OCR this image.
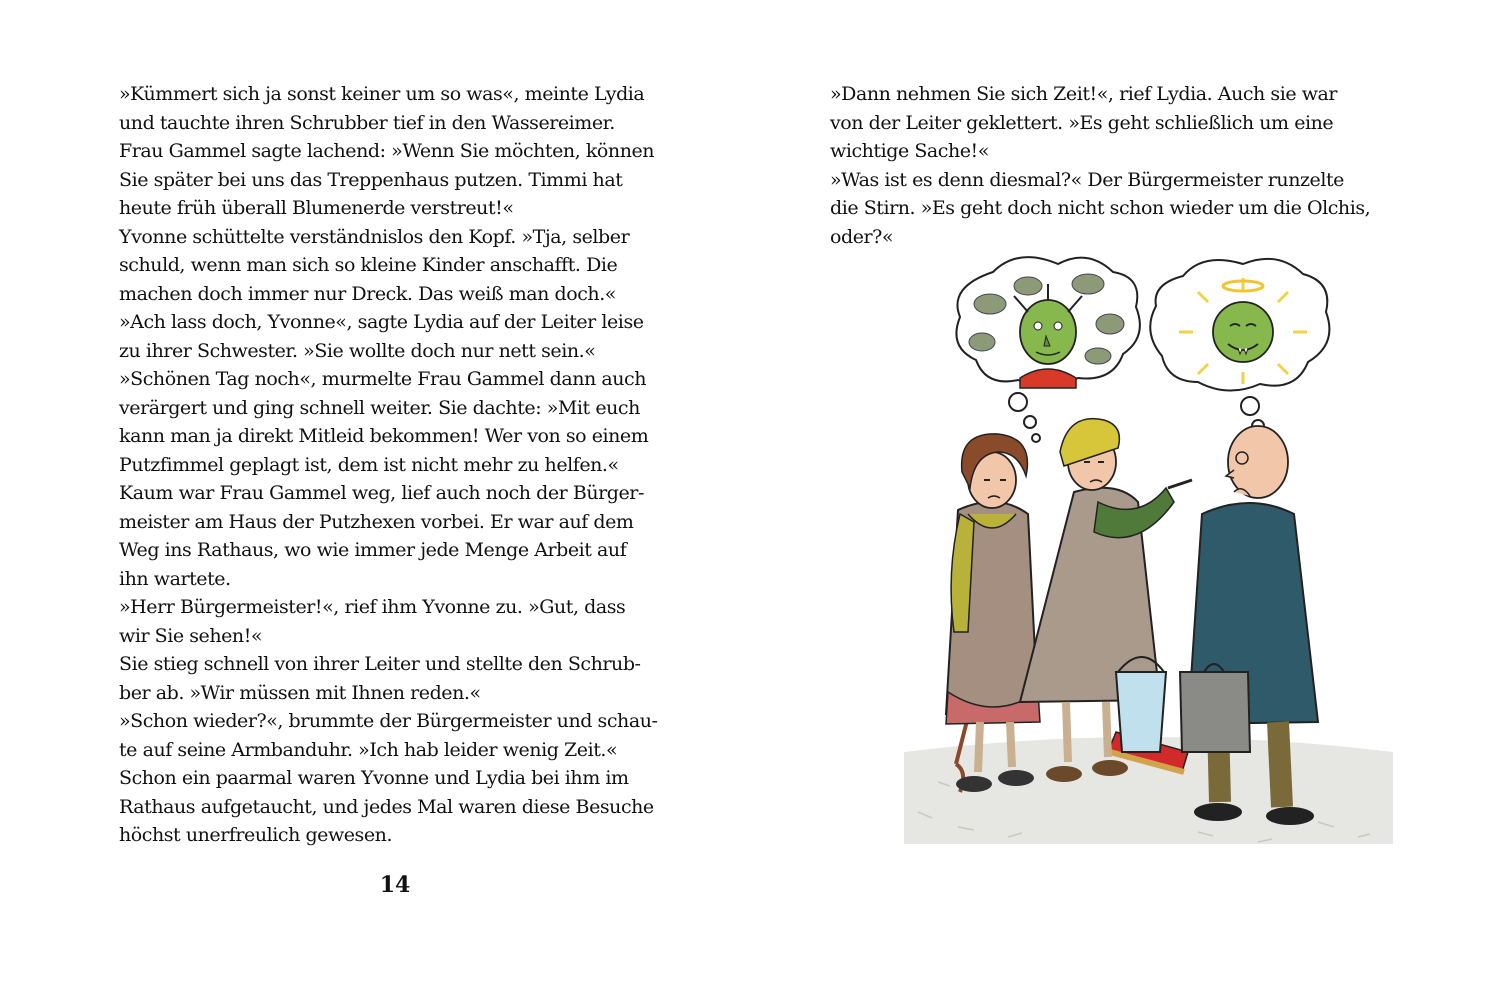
»Kümmert sich ja sonst keiner um so was«, meinte Lydia
und tauchte ihren Schrubber tief in den Wassereimer.
Frau Gammel sagte lachend: »Wenn Sie möchten, können
Sie später bei uns das Treppenhaus putzen. Timmi hat
heute früh überall Blumenerde verstreut!«
Yvonne schüttelte verständnislos den Kopf. »Tja, selber
schuld, wenn man sich so kleine Kinder anschafft. Die
machen doch immer nur Dreck. Das weiß man doch.«
»Ach lass doch, Yvonne«, sagte Lydia auf der Leiter leise
zu ihrer Schwester. »Sie wollte doch nur nett sein.«
»Schönen Tag noch«, murmelte Frau Gammel dann auch
verärgert und ging schnell weiter. Sie dachte: »Mit euch
kann man ja direkt Mitleid bekommen! Wer von so einem
Putzfimmel geplagt ist, dem ist nicht mehr zu helfen.«
Kaum war Frau Gammel weg, lief auch noch der Bürger-
meister am Haus der Putzhexen vorbei. Er war auf dem
Weg ins Rathaus, wo wie immer jede Menge Arbeit auf
ihn wartete.
»Herr Bürgermeister!«, rief ihm Yvonne zu. »Gut, dass
wir Sie sehen!«
Sie stieg schnell von ihrer Leiter und stellte den Schrub-
ber ab. »Wir müssen mit Ihnen reden.«
»Schon wieder?«, brummte der Bürgermeister und schau-
te auf seine Armbanduhr. »Ich hab leider wenig Zeit.«
Schon ein paarmal waren Yvonne und Lydia bei ihm im
Rathaus aufgetaucht, und jedes Mal waren diese Besuche
höchst unerfreulich gewesen.
14
»Dann nehmen Sie sich Zeit!«, rief Lydia. Auch sie war
von der Leiter geklettert. »Es geht schließlich um eine
wichtige Sache!«
»Was ist es denn diesmal?« Der Bürgermeister runzelte
die Stirn. »Es geht doch nicht schon wieder um die Olchis,
oder?«
